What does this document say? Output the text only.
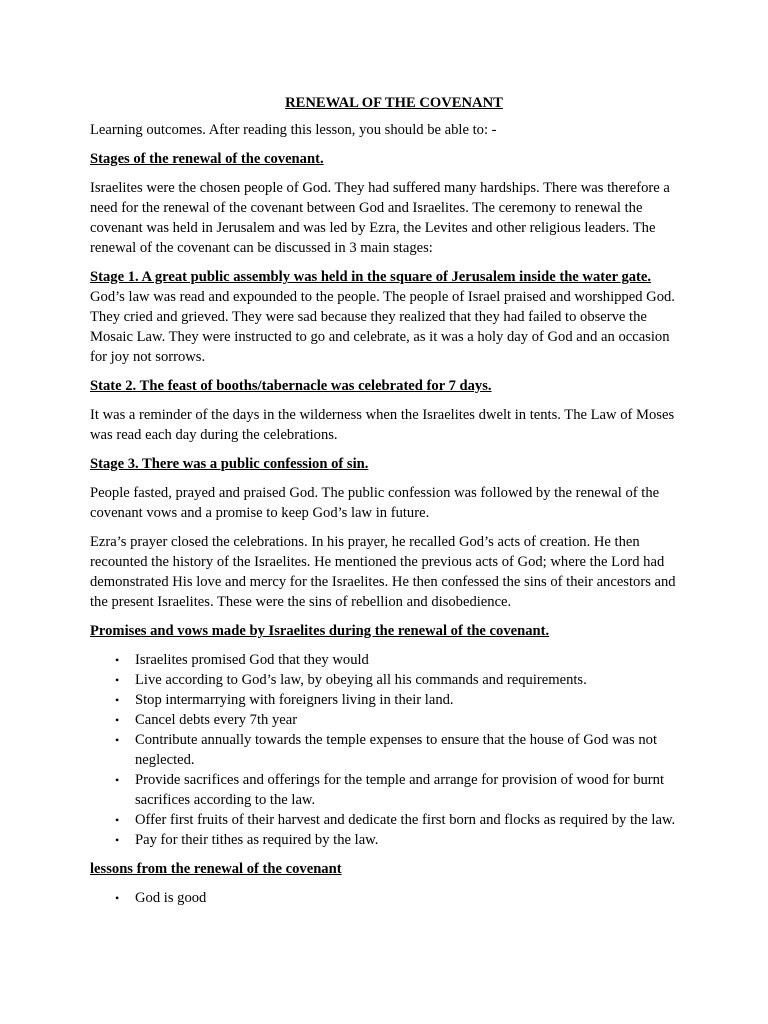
RENEWAL OF THE COVENANT

Learning outcomes. After reading this lesson, you should be able to: -

Stages of the renewal of the covenant.

Israelites were the chosen people of God. They had suffered many hardships. There was therefore a need for the renewal of the covenant between God and Israelites. The ceremony to renewal the covenant was held in Jerusalem and was led by Ezra, the Levites and other religious leaders. The renewal of the covenant can be discussed in 3 main stages:

Stage 1. A great public assembly was held in the square of Jerusalem inside the water gate.

God’s law was read and expounded to the people. The people of Israel praised and worshipped God. They cried and grieved. They were sad because they realized that they had failed to observe the Mosaic Law. They were instructed to go and celebrate, as it was a holy day of God and an occasion for joy not sorrows.

State 2. The feast of booths/tabernacle was celebrated for 7 days.

It was a reminder of the days in the wilderness when the Israelites dwelt in tents. The Law of Moses was read each day during the celebrations.

Stage 3. There was a public confession of sin.

People fasted, prayed and praised God. The public confession was followed by the renewal of the covenant vows and a promise to keep God’s law in future.

Ezra’s prayer closed the celebrations. In his prayer, he recalled God’s acts of creation. He then recounted the history of the Israelites. He mentioned the previous acts of God; where the Lord had demonstrated His love and mercy for the Israelites. He then confessed the sins of their ancestors and the present Israelites. These were the sins of rebellion and disobedience.

Promises and vows made by Israelites during the renewal of the covenant.
• Israelites promised God that they would
• Live according to God’s law, by obeying all his commands and requirements.
• Stop intermarrying with foreigners living in their land.
• Cancel debts every 7th year
• Contribute annually towards the temple expenses to ensure that the house of God was not neglected.
• Provide sacrifices and offerings for the temple and arrange for provision of wood for burnt sacrifices according to the law.
• Offer first fruits of their harvest and dedicate the first born and flocks as required by the law.
• Pay for their tithes as required by the law.
lessons from the renewal of the covenant
• God is good
